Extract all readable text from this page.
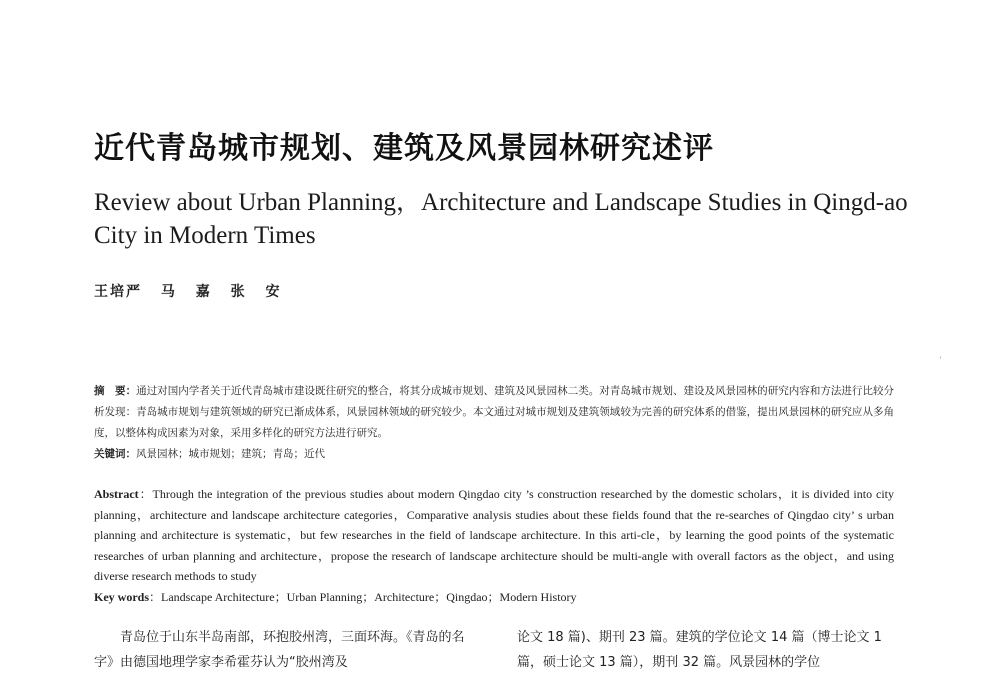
近代青岛城市规划、建筑及风景园林研究述评
Review about Urban Planning，Architecture and Landscape Studies in Qingd-ao City in Modern Times
王培严 马 嘉 张 安
摘　要：通过对国内学者关于近代青岛城市建设既往研究的整合，将其分成城市规划、建筑及风景园林二类。对青岛城市规划、建设及风景园林的研究内容和方法进行比较分析发现：青岛城市规划与建筑领域的研究已渐成体系，风景园林领域的研究较少。本文通过对城市规划及建筑领域较为完善的研究体系的借鉴，提出风景园林的研究应从多角度，以整体构成因素为对象，采用多样化的研究方法进行研究。
关键词：风景园林；城市规划；建筑；青岛；近代
Abstract：Through the integration of the previous studies about modern Qingdao city ’s construction researched by the domestic scholars，it is divided into city planning，architecture and landscape architecture categories，Comparative analysis studies about these fields found that the re-searches of Qingdao city’ s urban planning and architecture is systematic，but few researches in the field of landscape architecture. In this arti-cle，by learning the good points of the systematic researches of urban planning and architecture，propose the research of landscape architecture should be multi-angle with overall factors as the object，and using diverse research methods to study
Key words：Landscape Architecture；Urban Planning；Architecture；Qingdao；Modern History
青岛位于山东半岛南部，环抱胶州湾，三面环海。《青岛的名字》由德国地理学家李希霍芬认为“胶州湾及
论文 18 篇)、期刊 23 篇。建筑的学位论文 14 篇（博士论文 1 篇，硕士论文 13 篇），期刊 32 篇。风景园林的学位
